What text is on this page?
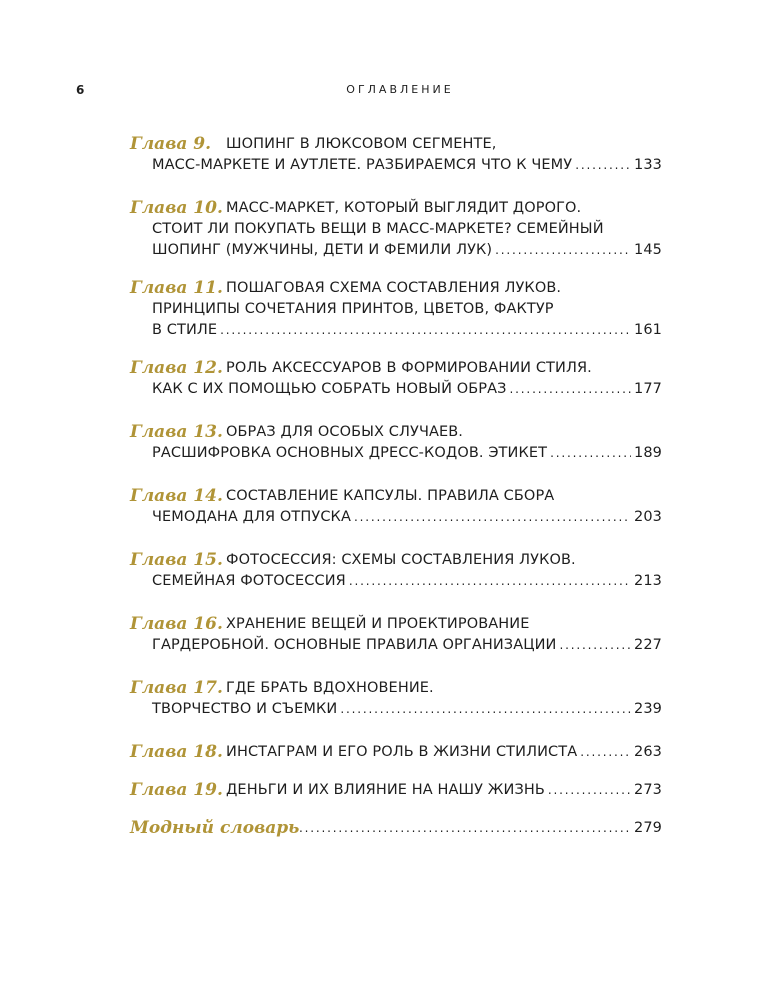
6	ОГЛАВЛЕНИЕ
Глава 9. ШОПИНГ В ЛЮКСОВОМ СЕГМЕНТЕ,
МАСС-МАРКЕТЕ И АУТЛЕТЕ. РАЗБИРАЕМСЯ ЧТО К ЧЕМУ . . .	133
Глава 10. МАСС-МАРКЕТ, КОТОРЫЙ ВЫГЛЯДИТ ДОРОГО.
СТОИТ ЛИ ПОКУПАТЬ ВЕЩИ В МАСС-МАРКЕТЕ? СЕМЕЙНЫЙ
ШОПИНГ (МУЖЧИНЫ, ДЕТИ И ФЕМИЛИ ЛУК) . . .	145
Глава 11. ПОШАГОВАЯ СХЕМА СОСТАВЛЕНИЯ ЛУКОВ.
ПРИНЦИПЫ СОЧЕТАНИЯ ПРИНТОВ, ЦВЕТОВ, ФАКТУР
В СТИЛЕ . . .	161
Глава 12. РОЛЬ АКСЕССУАРОВ В ФОРМИРОВАНИИ СТИЛЯ.
КАК С ИХ ПОМОЩЬЮ СОБРАТЬ НОВЫЙ ОБРАЗ . . .	177
Глава 13. ОБРАЗ ДЛЯ ОСОБЫХ СЛУЧАЕВ.
РАСШИФРОВКА ОСНОВНЫХ ДРЕСС-КОДОВ. ЭТИКЕТ . . .	189
Глава 14. СОСТАВЛЕНИЕ КАПСУЛЫ. ПРАВИЛА СБОРА
ЧЕМОДАНА ДЛЯ ОТПУСКА . . .	203
Глава 15. ФОТОСЕССИЯ: СХЕМЫ СОСТАВЛЕНИЯ ЛУКОВ.
СЕМЕЙНАЯ ФОТОСЕССИЯ . . .	213
Глава 16. ХРАНЕНИЕ ВЕЩЕЙ И ПРОЕКТИРОВАНИЕ
ГАРДЕРОБНОЙ. ОСНОВНЫЕ ПРАВИЛА ОРГАНИЗАЦИИ . . .	227
Глава 17. ГДЕ БРАТЬ ВДОХНОВЕНИЕ.
ТВОРЧЕСТВО И СЪЕМКИ . . .	239
Глава 18. ИНСТАГРАМ И ЕГО РОЛЬ В ЖИЗНИ СТИЛИСТА . . .	263
Глава 19. ДЕНЬГИ И ИХ ВЛИЯНИЕ НА НАШУ ЖИЗНЬ . . .	273
Модный словарь . . .	279
